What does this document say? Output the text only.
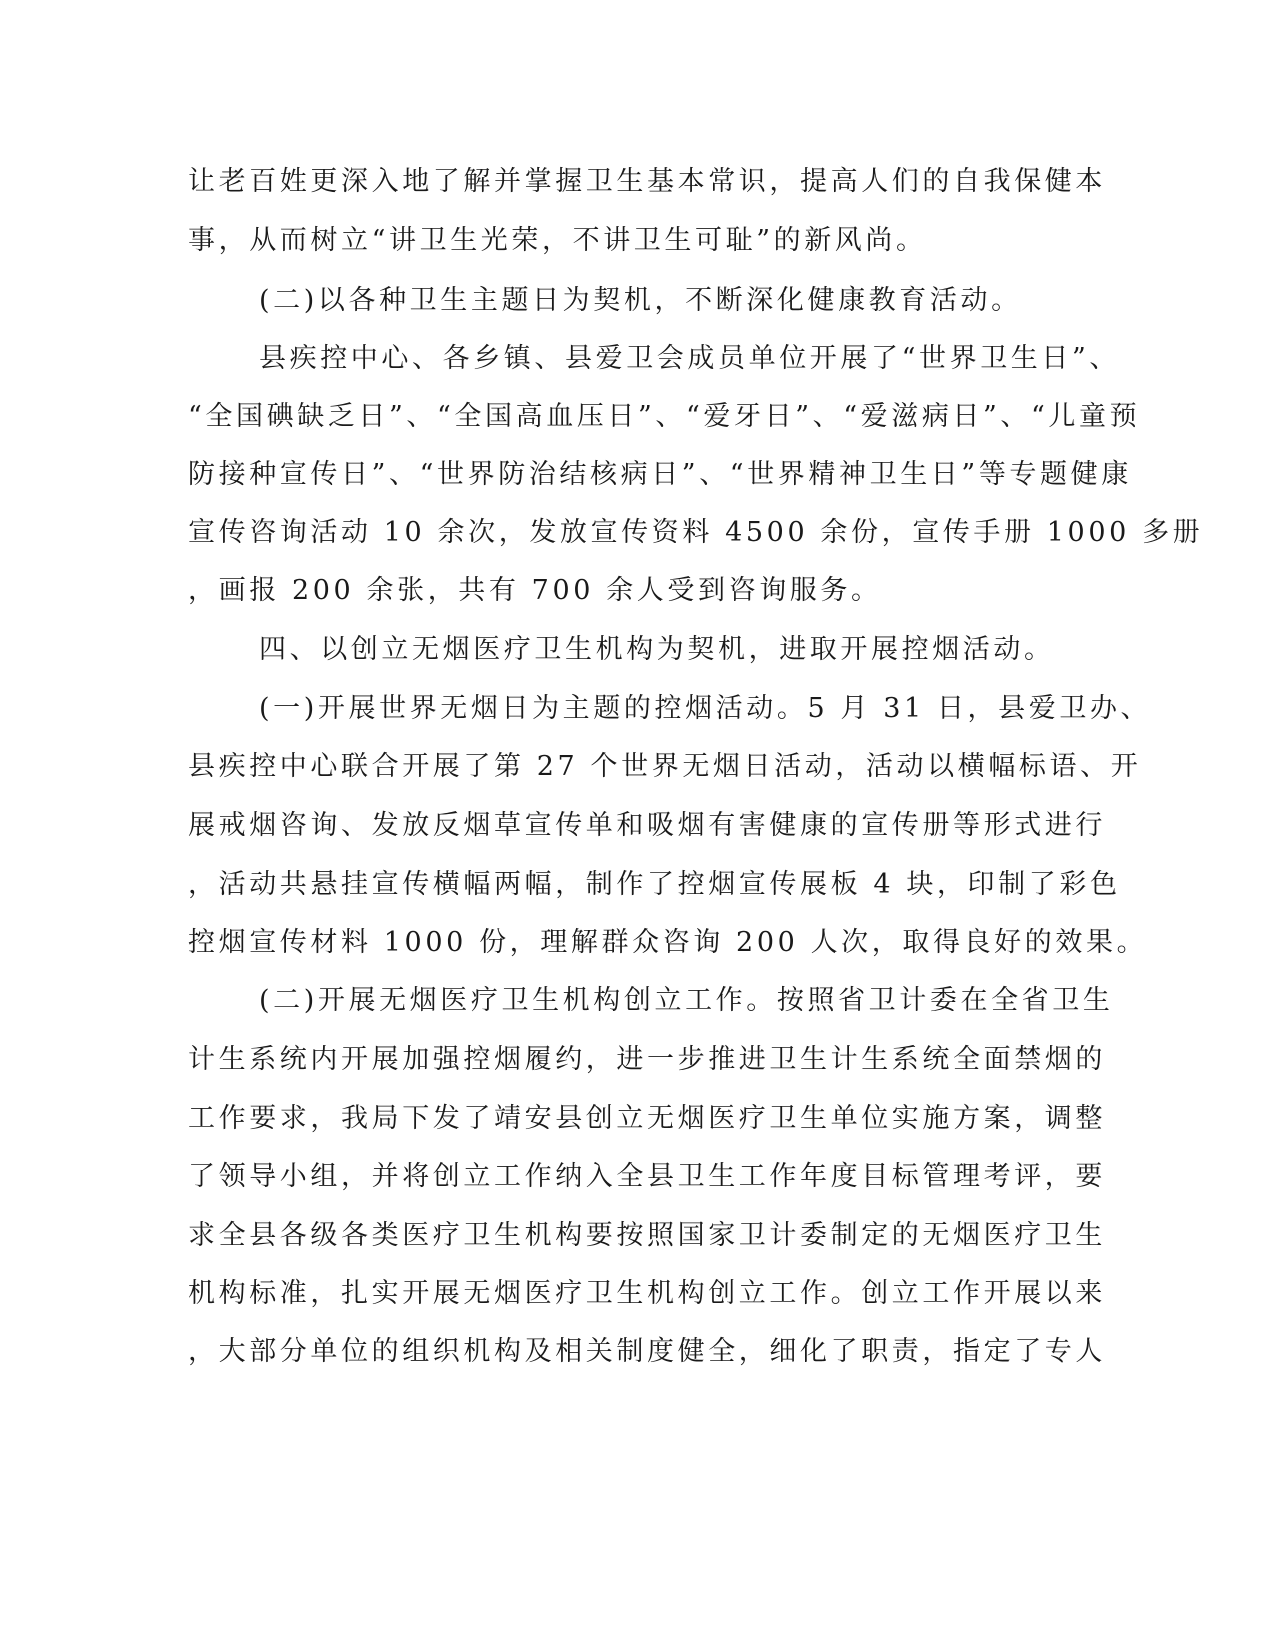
让老百姓更深入地了解并掌握卫生基本常识，提高人们的自我保健本

事，从而树立“讲卫生光荣，不讲卫生可耻”的新风尚。

(二)以各种卫生主题日为契机，不断深化健康教育活动。

县疾控中心、各乡镇、县爱卫会成员单位开展了“世界卫生日”、

“全国碘缺乏日”、“全国高血压日”、“爱牙日”、“爱滋病日”、“儿童预

防接种宣传日”、“世界防治结核病日”、“世界精神卫生日”等专题健康

宣传咨询活动 10 余次，发放宣传资料 4500 余份，宣传手册 1000 多册

，画报 200 余张，共有 700 余人受到咨询服务。

四、以创立无烟医疗卫生机构为契机，进取开展控烟活动。

(一)开展世界无烟日为主题的控烟活动。5 月 31 日，县爱卫办、

县疾控中心联合开展了第 27 个世界无烟日活动，活动以横幅标语、开

展戒烟咨询、发放反烟草宣传单和吸烟有害健康的宣传册等形式进行

，活动共悬挂宣传横幅两幅，制作了控烟宣传展板 4 块，印制了彩色

控烟宣传材料 1000 份，理解群众咨询 200 人次，取得良好的效果。

(二)开展无烟医疗卫生机构创立工作。按照省卫计委在全省卫生

计生系统内开展加强控烟履约，进一步推进卫生计生系统全面禁烟的

工作要求，我局下发了靖安县创立无烟医疗卫生单位实施方案，调整

了领导小组，并将创立工作纳入全县卫生工作年度目标管理考评，要

求全县各级各类医疗卫生机构要按照国家卫计委制定的无烟医疗卫生

机构标准，扎实开展无烟医疗卫生机构创立工作。创立工作开展以来

，大部分单位的组织机构及相关制度健全，细化了职责，指定了专人
